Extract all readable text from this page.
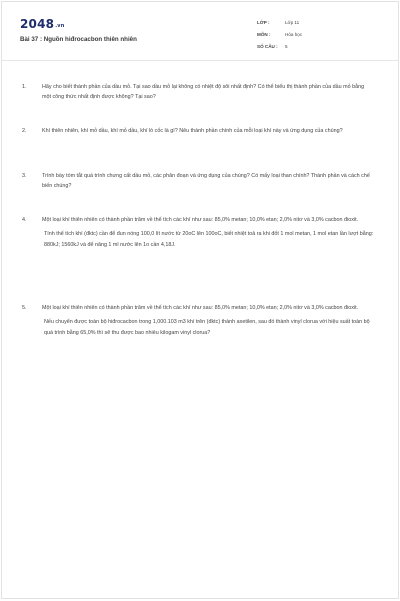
2048.vn
Bài 37 : Nguồn hiđrocacbon thiên nhiên
LỚP :	Lớp 11
MÔN :	Hóa học
SỐ CÂU :	5
1.	Hãy cho biết thành phần của dầu mỏ. Tại sao dầu mỏ lại không có nhiệt độ sôi nhất định? Có thể biểu thị thành phần của dầu mỏ bằng một công thức nhất định được không? Tại sao?

2.	Khí thiên nhiên, khí mỏ dầu, khí mỏ dầu, khí lò cốc là gì? Nêu thành phần chính của mỗi loại khí này và ứng dụng của chúng?

3.	Trình bày tóm tắt quá trình chưng cất dầu mỏ, các phân đoạn và ứng dụng của chúng? Có mấy loại than chính? Thành phần và cách chế biến chúng?

4.	Một loại khí thiên nhiên có thành phần trăm về thể tích các khí như sau: 85,0% metan; 10,0% etan; 2,0% nitơ và 3,0% cacbon đioxit.

Tính thể tích khí (đktc) cần để đun nóng 100,0 lít nước từ 20oC lên 100oC, biết nhiệt toả ra khi đốt 1 mol metan, 1 mol etan lần lượt bằng: 880kJ; 1560kJ và để nâng 1 ml nước lên 1o cần 4,18J.

5.	Một loại khí thiên nhiên có thành phần trăm về thể tích các khí như sau: 85,0% metan; 10,0% etan; 2,0% nitơ và 3,0% cacbon đioxit.

Nếu chuyển được toàn bộ hiđrocacbon trong 1,000.103 m3 khí trên (đktc) thành axetilen, sau đó thành vinyl clorua với hiệu suất toàn bộ quá trình bằng 65,0% thì sẽ thu được bao nhiêu kilogam vinyl clorua?
